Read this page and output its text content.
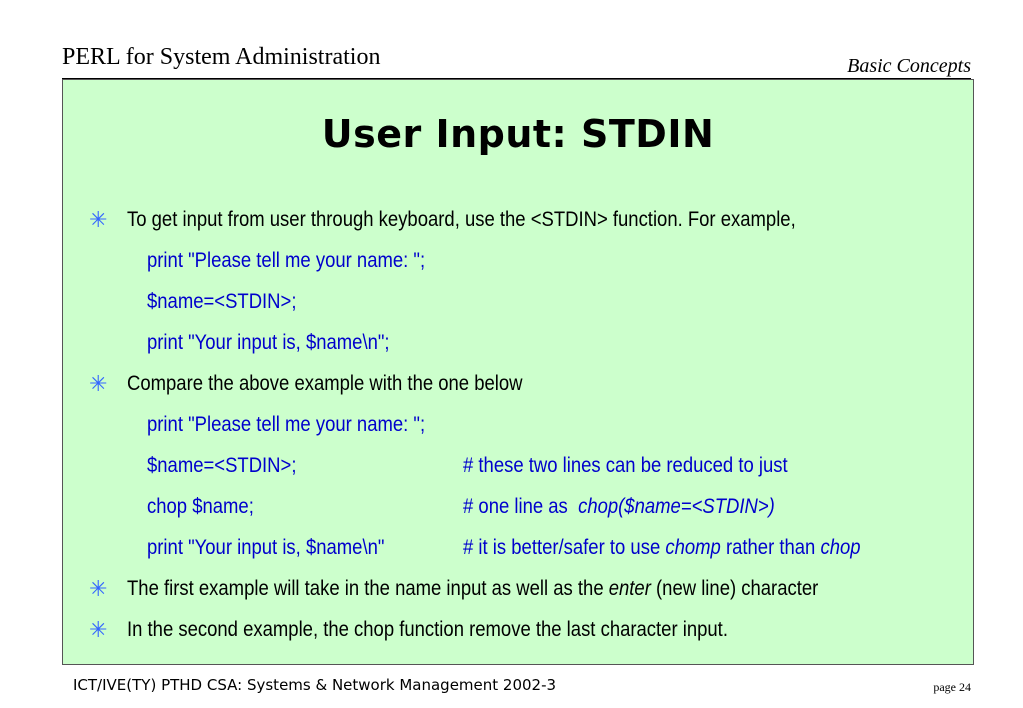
PERL for System Administration	Basic Concepts
User Input: STDIN
✳ To get input from user through keyboard, use the <STDIN> function. For example,
print "Please tell me your name: ";
$name=<STDIN>;
print "Your input is, $name\n";
✳ Compare the above example with the one below
print "Please tell me your name: ";
$name=<STDIN>;	# these two lines can be reduced to just
chop $name;	# one line as  chop($name=<STDIN>)
print "Your input is, $name\n"	# it is better/safer to use chomp rather than chop
✳ The first example will take in the name input as well as the enter (new line) character
✳ In the second example, the chop function remove the last character input.
ICT/IVE(TY) PTHD CSA: Systems & Network Management 2002-3	page 24
